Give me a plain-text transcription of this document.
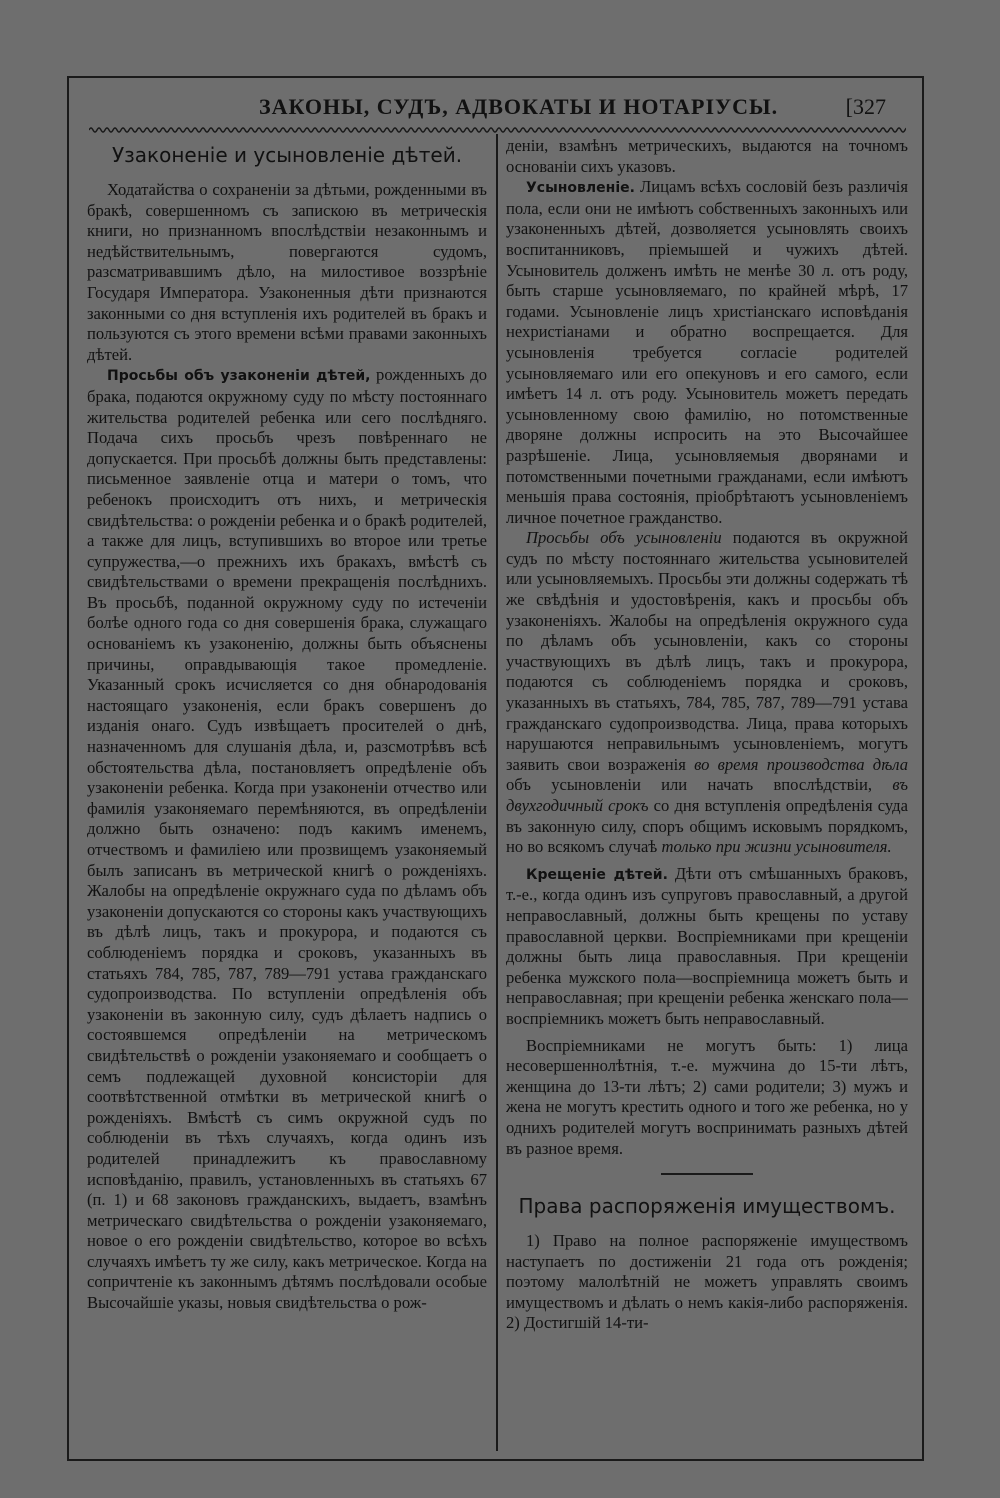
ЗАКОНЫ, СУДЪ, АДВОКАТЫ И НОТАРІУСЫ.	[327
Узаконеніе и усыновленіе дѣтей.

Ходатайства о сохраненіи за дѣтьми, рожденными въ бракѣ, совершенномъ съ запискою въ метрическія книги, но признанномъ впослѣдствіи незаконнымъ и недѣйствительнымъ, повергаются судомъ, разсматривавшимъ дѣло, на милостивое воззрѣніе Государя Императора. Узаконенныя дѣти признаются законными со дня вступленія ихъ родителей въ бракъ и пользуются съ этого времени всѣми правами законныхъ дѣтей.

Просьбы объ узаконеніи дѣтей, рожденныхъ до брака, подаются окружному суду по мѣсту постояннаго жительства родителей ребенка или сего послѣдняго. Подача сихъ просьбъ чрезъ повѣреннаго не допускается. При просьбѣ должны быть представлены: письменное заявленіе отца и матери о томъ, что ребенокъ происходитъ отъ нихъ, и метрическія свидѣтельства: о рожденіи ребенка и о бракѣ родителей, а также для лицъ, вступившихъ во второе или третье супружества,—о прежнихъ ихъ бракахъ, вмѣстѣ съ свидѣтельствами о времени прекращенія послѣднихъ. Въ просьбѣ, поданной окружному суду по истеченіи болѣе одного года со дня совершенія брака, служащаго основаніемъ къ узаконенію, должны быть объяснены причины, оправдывающія такое промедленіе. Указанный срокъ исчисляется со дня обнародованія настоящаго узаконенія, если бракъ совершенъ до изданія онаго. Судъ извѣщаетъ просителей о днѣ, назначенномъ для слушанія дѣла, и, разсмотрѣвъ всѣ обстоятельства дѣла, постановляетъ опредѣленіе объ узаконеніи ребенка. Когда при узаконеніи отчество или фамилія узаконяемаго перемѣняются, въ опредѣленіи должно быть означено: подъ какимъ именемъ, отчествомъ и фамиліею или прозвищемъ узаконяемый былъ записанъ въ метрической книгѣ о рожденіяхъ. Жалобы на опредѣленіе окружнаго суда по дѣламъ объ узаконеніи допускаются со стороны какъ участвующихъ въ дѣлѣ лицъ, такъ и прокурора, и подаются съ соблюденіемъ порядка и сроковъ, указанныхъ въ статьяхъ 784, 785, 787, 789—791 устава гражданскаго судопроизводства. По вступленіи опредѣленія объ узаконеніи въ законную силу, судъ дѣлаетъ надпись о состоявшемся опредѣленіи на метрическомъ свидѣтельствѣ о рожденіи узаконяемаго и сообщаетъ о семъ подлежащей духовной консисторіи для соотвѣтственной отмѣтки въ метрической книгѣ о рожденіяхъ. Вмѣстѣ съ симъ окружной судъ по соблюденіи въ тѣхъ случаяхъ, когда одинъ изъ родителей принадлежитъ къ православному исповѣданію, правилъ, установленныхъ въ статьяхъ 67 (п. 1) и 68 законовъ гражданскихъ, выдаетъ, взамѣнъ метрическаго свидѣтельства о рожденіи узаконяемаго, новое о его рожденіи свидѣтельство, которое во всѣхъ случаяхъ имѣетъ ту же силу, какъ метрическое. Когда на сопричтеніе къ законнымъ дѣтямъ послѣдовали особые Высочайшіе указы, новыя свидѣтельства о рож-

деніи, взамѣнъ метрическихъ, выдаются на точномъ основаніи сихъ указовъ.

Усыновленіе. Лицамъ всѣхъ сословій безъ различія пола, если они не имѣютъ собственныхъ законныхъ или узаконенныхъ дѣтей, дозволяется усыновлять своихъ воспитанниковъ, пріемышей и чужихъ дѣтей. Усыновитель долженъ имѣть не менѣе 30 л. отъ роду, быть старше усыновляемаго, по крайней мѣрѣ, 17 годами. Усыновленіе лицъ христіанскаго исповѣданія нехристіанами и обратно воспрещается. Для усыновленія требуется согласіе родителей усыновляемаго или его опекуновъ и его самого, если имѣетъ 14 л. отъ роду. Усыновитель можетъ передать усыновленному свою фамилію, но потомственные дворяне должны испросить на это Высочайшее разрѣшеніе. Лица, усыновляемыя дворянами и потомственными почетными гражданами, если имѣютъ меньшія права состоянія, пріобрѣтаютъ усыновленіемъ личное почетное гражданство.

Просьбы объ усыновленіи подаются въ окружной судъ по мѣсту постояннаго жительства усыновителей или усыновляемыхъ. Просьбы эти должны содержать тѣ же свѣдѣнія и удостовѣренія, какъ и просьбы объ узаконеніяхъ. Жалобы на опредѣленія окружного суда по дѣламъ объ усыновленіи, какъ со стороны участвующихъ въ дѣлѣ лицъ, такъ и прокурора, подаются съ соблюденіемъ порядка и сроковъ, указанныхъ въ статьяхъ, 784, 785, 787, 789—791 устава гражданскаго судопроизводства. Лица, права которыхъ нарушаются неправильнымъ усыновленіемъ, могутъ заявить свои возраженія во время производства дѣла объ усыновленіи или начать впослѣдствіи, въ двухгодичный срокъ со дня вступленія опредѣленія суда въ законную силу, споръ общимъ исковымъ порядкомъ, но во всякомъ случаѣ только при жизни усыновителя.

Крещеніе дѣтей. Дѣти отъ смѣшанныхъ браковъ, т.-е., когда одинъ изъ супруговъ православный, а другой неправославный, должны быть крещены по уставу православной церкви. Воспріемниками при крещеніи должны быть лица православныя. При крещеніи ребенка мужского пола—воспріемница можетъ быть и неправославная; при крещеніи ребенка женскаго пола—воспріемникъ можетъ быть неправославный.

Воспріемниками не могутъ быть: 1) лица несовершеннолѣтнія, т.-е. мужчина до 15-ти лѣтъ, женщина до 13-ти лѣтъ; 2) сами родители; 3) мужъ и жена не могутъ крестить одного и того же ребенка, но у однихъ родителей могутъ воспринимать разныхъ дѣтей въ разное время.

Права распоряженія имуществомъ.

1) Право на полное распоряженіе имуществомъ наступаетъ по достиженіи 21 года отъ рожденія; поэтому малолѣтній не можетъ управлять своимъ имуществомъ и дѣлать о немъ какія-либо распоряженія. 2) Достигшій 14-ти-
